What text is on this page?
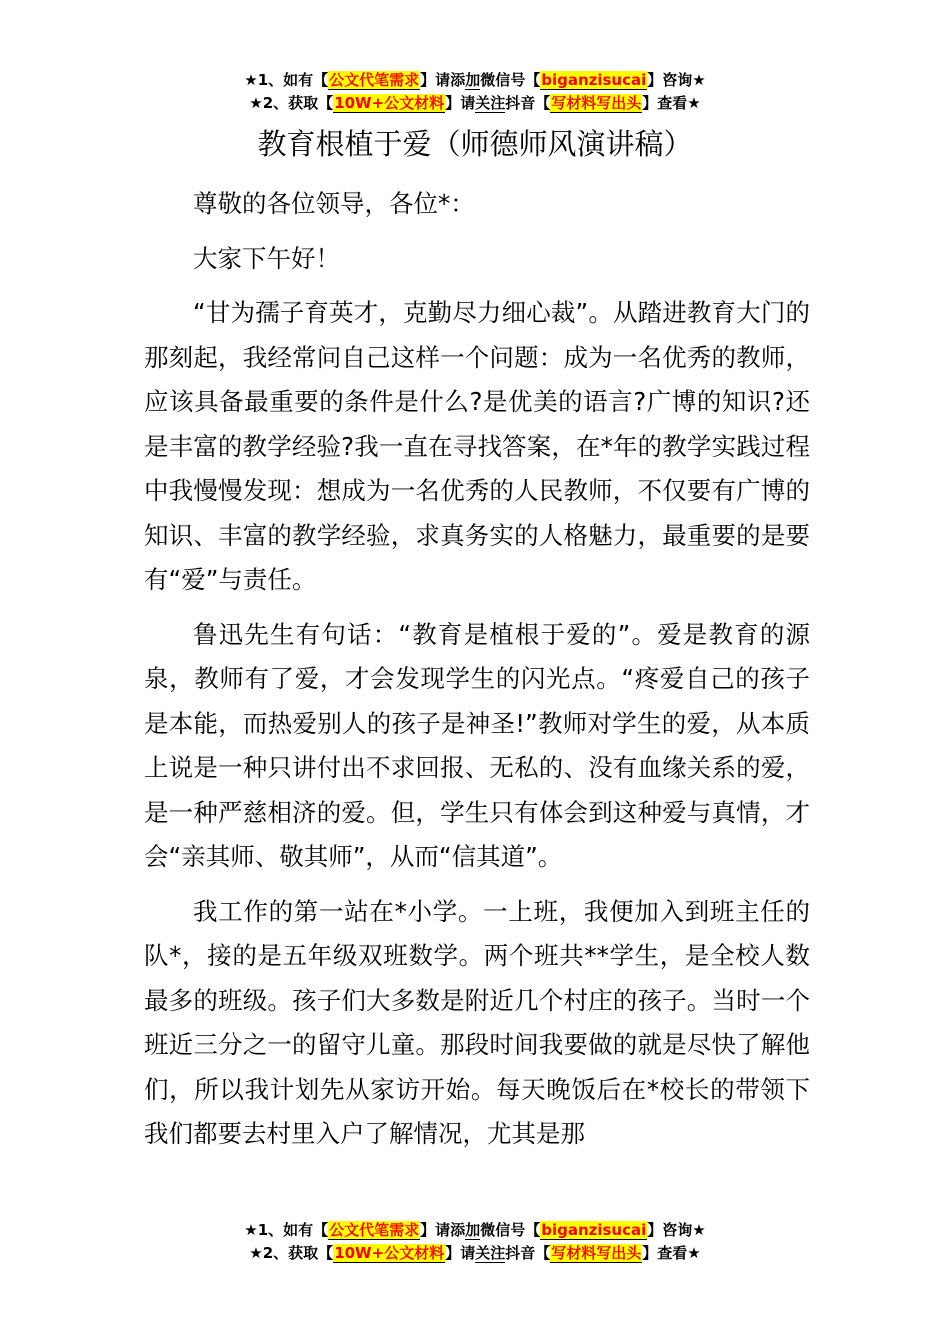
★1、如有【公文代笔需求】请添加微信号【biganzisucai】咨询★
★2、获取【10W+公文材料】请关注抖音【写材料写出头】查看★
教育根植于爱（师德师风演讲稿）

尊敬的各位领导，各位*：

大家下午好！

“甘为孺子育英才，克勤尽力细心裁”。从踏进教育大门的那刻起，我经常问自己这样一个问题：成为一名优秀的教师，应该具备最重要的条件是什么?是优美的语言?广博的知识?还是丰富的教学经验?我一直在寻找答案，在*年的教学实践过程中我慢慢发现：想成为一名优秀的人民教师，不仅要有广博的知识、丰富的教学经验，求真务实的人格魅力，最重要的是要有“爱”与责任。

鲁迅先生有句话：“教育是植根于爱的”。爱是教育的源泉，教师有了爱，才会发现学生的闪光点。“疼爱自己的孩子是本能，而热爱别人的孩子是神圣!”教师对学生的爱，从本质上说是一种只讲付出不求回报、无私的、没有血缘关系的爱，是一种严慈相济的爱。但，学生只有体会到这种爱与真情，才会“亲其师、敬其师”，从而“信其道”。

我工作的第一站在*小学。一上班，我便加入到班主任的队*，接的是五年级双班数学。两个班共**学生，是全校人数最多的班级。孩子们大多数是附近几个村庄的孩子。当时一个班近三分之一的留守儿童。那段时间我要做的就是尽快了解他们，所以我计划先从家访开始。每天晚饭后在*校长的带领下我们都要去村里入户了解情况，尤其是那

★1、如有【公文代笔需求】请添加微信号【biganzisucai】咨询★
★2、获取【10W+公文材料】请关注抖音【写材料写出头】查看★
